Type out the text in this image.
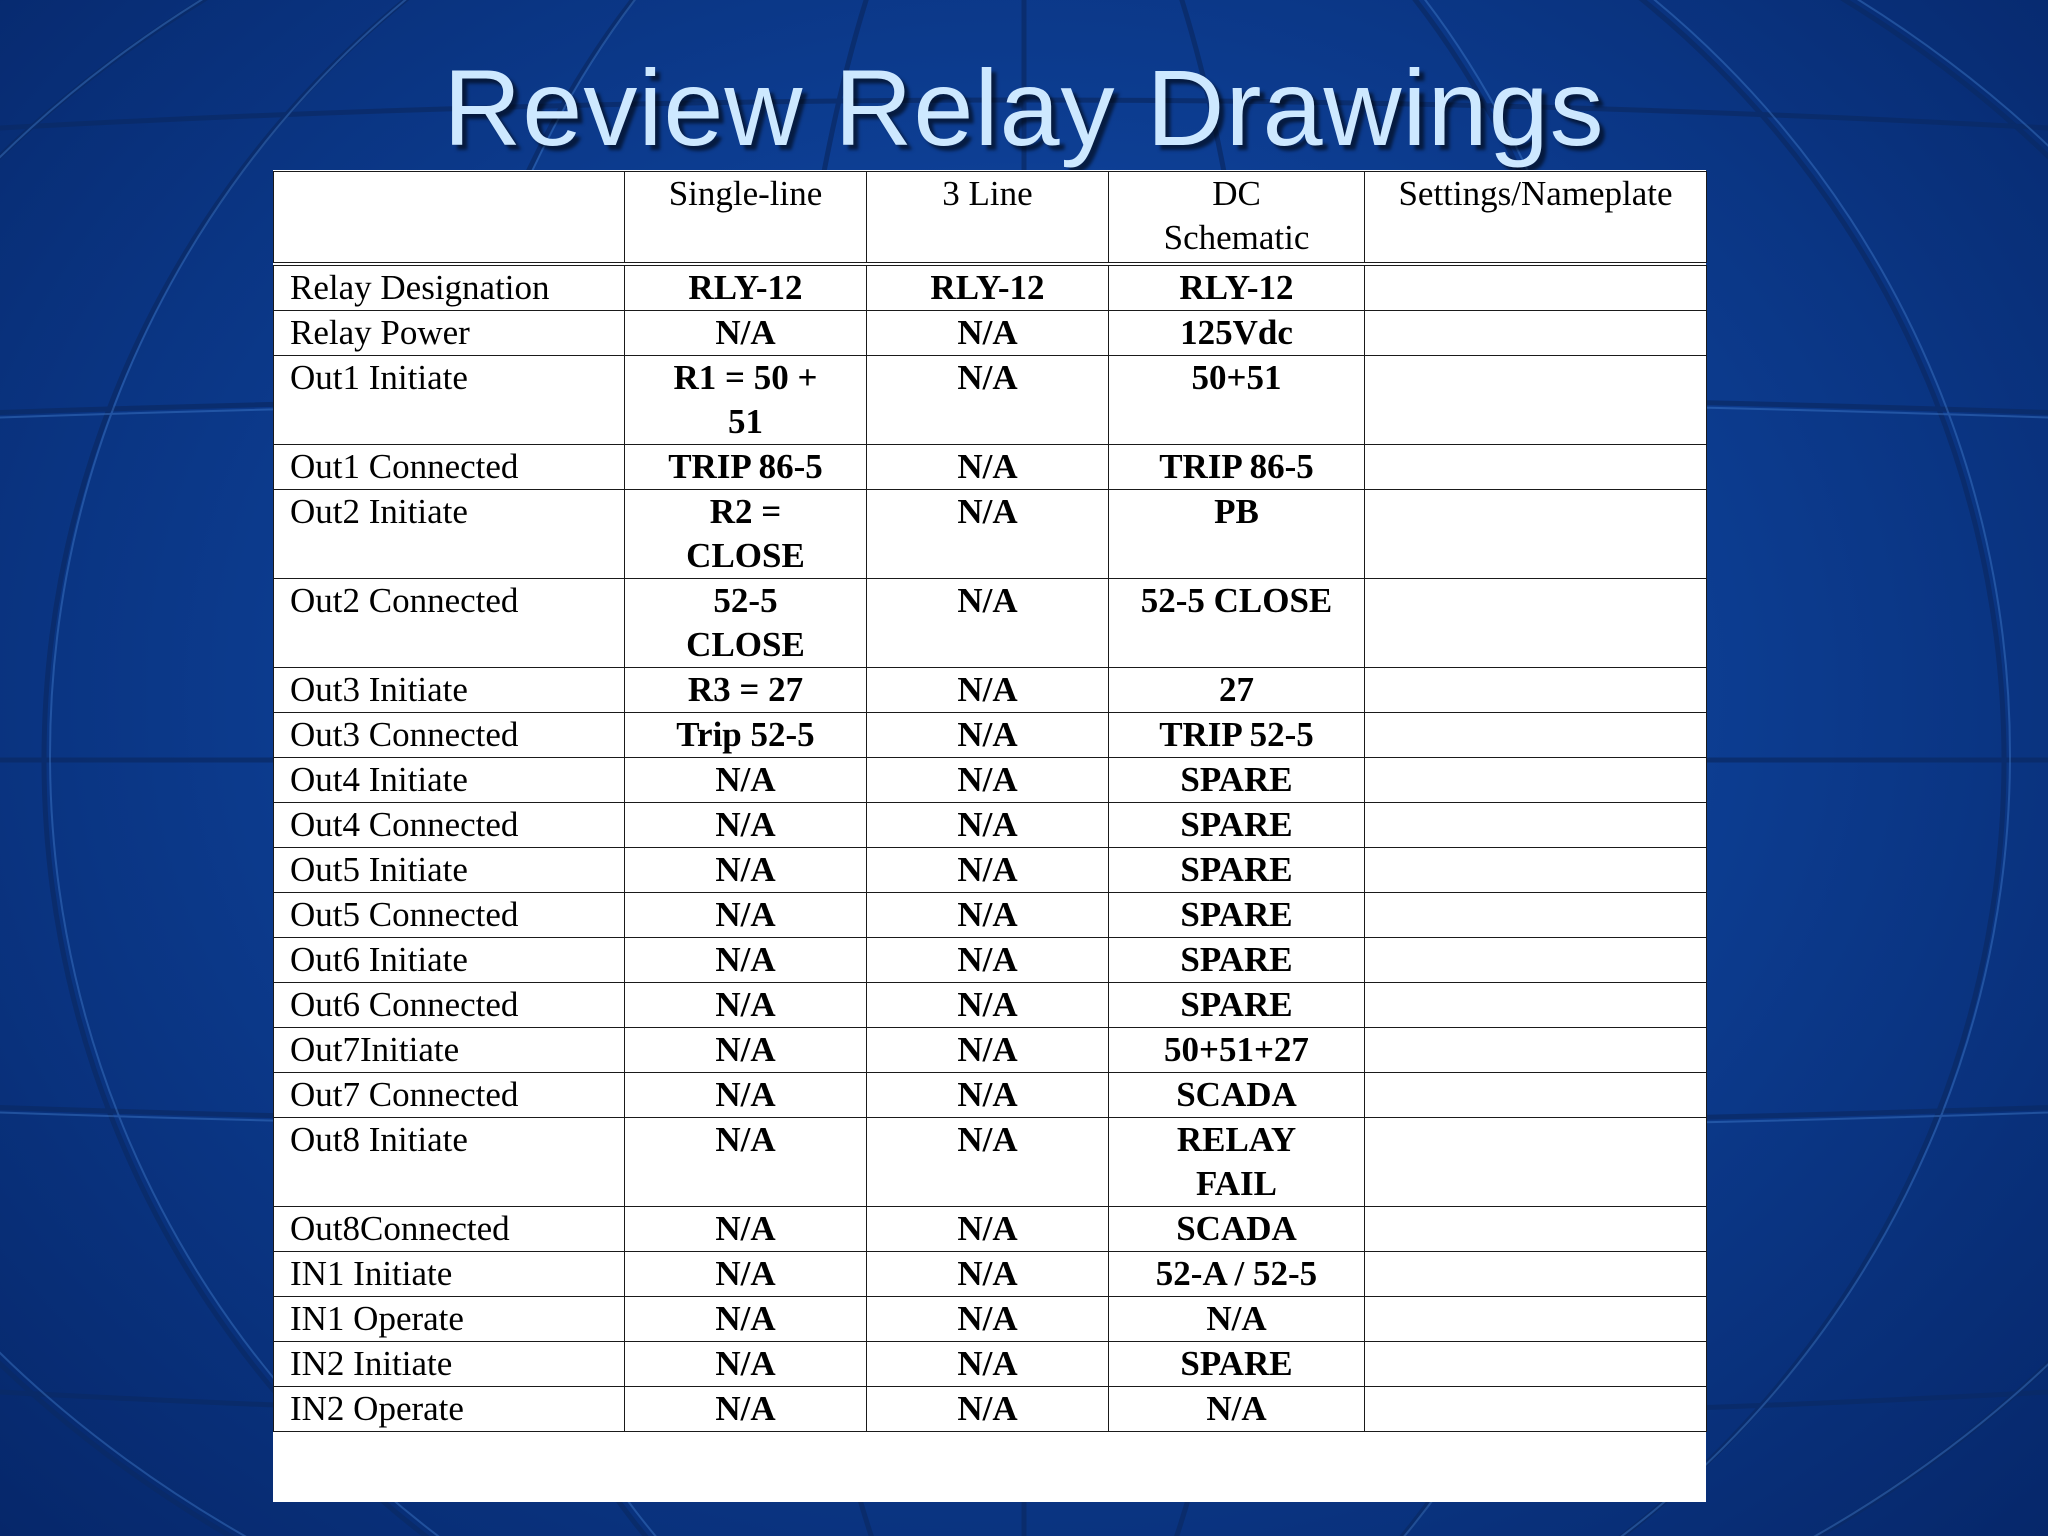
Review Relay Drawings
	Single-line	3 Line	DC Schematic	Settings/Nameplate
Relay Designation	RLY-12	RLY-12	RLY-12	
Relay Power	N/A	N/A	125Vdc	
Out1 Initiate	R1 = 50 + 51	N/A	50+51	
Out1 Connected	TRIP 86-5	N/A	TRIP 86-5	
Out2 Initiate	R2 = CLOSE	N/A	PB	
Out2 Connected	52-5 CLOSE	N/A	52-5 CLOSE	
Out3 Initiate	R3 = 27	N/A	27	
Out3 Connected	Trip 52-5	N/A	TRIP 52-5	
Out4 Initiate	N/A	N/A	SPARE	
Out4 Connected	N/A	N/A	SPARE	
Out5 Initiate	N/A	N/A	SPARE	
Out5 Connected	N/A	N/A	SPARE	
Out6 Initiate	N/A	N/A	SPARE	
Out6 Connected	N/A	N/A	SPARE	
Out7Initiate	N/A	N/A	50+51+27	
Out7 Connected	N/A	N/A	SCADA	
Out8 Initiate	N/A	N/A	RELAY FAIL	
Out8Connected	N/A	N/A	SCADA	
IN1 Initiate	N/A	N/A	52-A / 52-5	
IN1 Operate	N/A	N/A	N/A	
IN2 Initiate	N/A	N/A	SPARE	
IN2 Operate	N/A	N/A	N/A	
